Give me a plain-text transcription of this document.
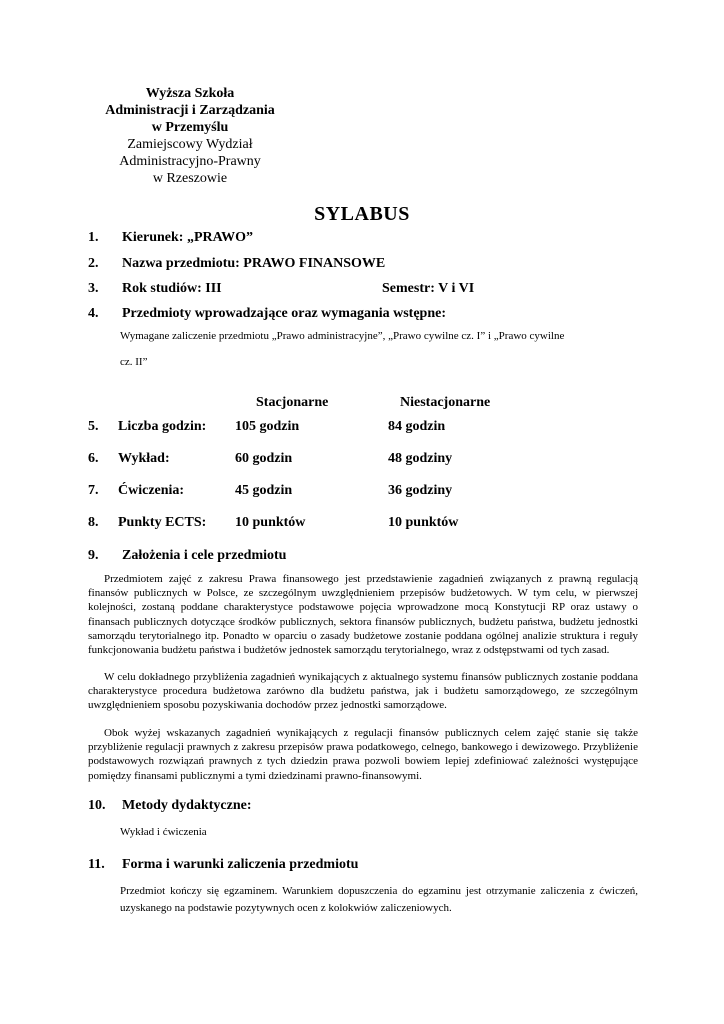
Wyższa Szkoła
Administracji i Zarządzania
w Przemyślu
Zamiejscowy Wydział
Administracyjno-Prawny
w Rzeszowie
SYLABUS
1. Kierunek: „PRAWO”
2. Nazwa przedmiotu: PRAWO FINANSOWE
3. Rok studiów: III	Semestr: V i VI
4. Przedmioty wprowadzające oraz wymagania wstępne:
Wymagane zaliczenie przedmiotu „Prawo administracyjne”, „Prawo cywilne cz. I” i „Prawo cywilne
cz. II”
Stacjonarne	Niestacjonarne
5. Liczba godzin: 105 godzin	84 godzin
6. Wykład:	60 godzin	48 godziny
7. Ćwiczenia:	45 godzin	36 godziny
8. Punkty ECTS: 10 punktów	10 punktów
9. Założenia i cele przedmiotu

Przedmiotem zajęć z zakresu Prawa finansowego jest przedstawienie zagadnień związanych z prawną regulacją finansów publicznych w Polsce, ze szczególnym uwzględnieniem przepisów budżetowych. W tym celu, w pierwszej kolejności, zostaną poddane charakterystyce podstawowe pojęcia wprowadzone mocą Konstytucji RP oraz ustawy o finansach publicznych dotyczące środków publicznych, sektora finansów publicznych, budżetu państwa, budżetu jednostki samorządu terytorialnego itp. Ponadto w oparciu o zasady budżetowe zostanie poddana ogólnej analizie struktura i reguły funkcjonowania budżetu państwa i budżetów jednostek samorządu terytorialnego, wraz z odstępstwami od tych zasad.

W celu dokładnego przybliżenia zagadnień wynikających z aktualnego systemu finansów publicznych zostanie poddana charakterystyce procedura budżetowa zarówno dla budżetu państwa, jak i budżetu samorządowego, ze szczególnym uwzględnieniem sposobu pozyskiwania dochodów przez jednostki samorządowe.

Obok wyżej wskazanych zagadnień wynikających z regulacji finansów publicznych celem zajęć stanie się także przybliżenie regulacji prawnych z zakresu przepisów prawa podatkowego, celnego, bankowego i dewizowego. Przybliżenie podstawowych rozwiązań prawnych z tych dziedzin prawa pozwoli bowiem lepiej zdefiniować zależności występujące pomiędzy finansami publicznymi a tymi dziedzinami prawno-finansowymi.

10. Metody dydaktyczne:
Wykład i ćwiczenia
11. Forma i warunki zaliczenia przedmiotu

Przedmiot kończy się egzaminem. Warunkiem dopuszczenia do egzaminu jest otrzymanie zaliczenia z ćwiczeń, uzyskanego na podstawie pozytywnych ocen z kolokwiów zaliczeniowych.
